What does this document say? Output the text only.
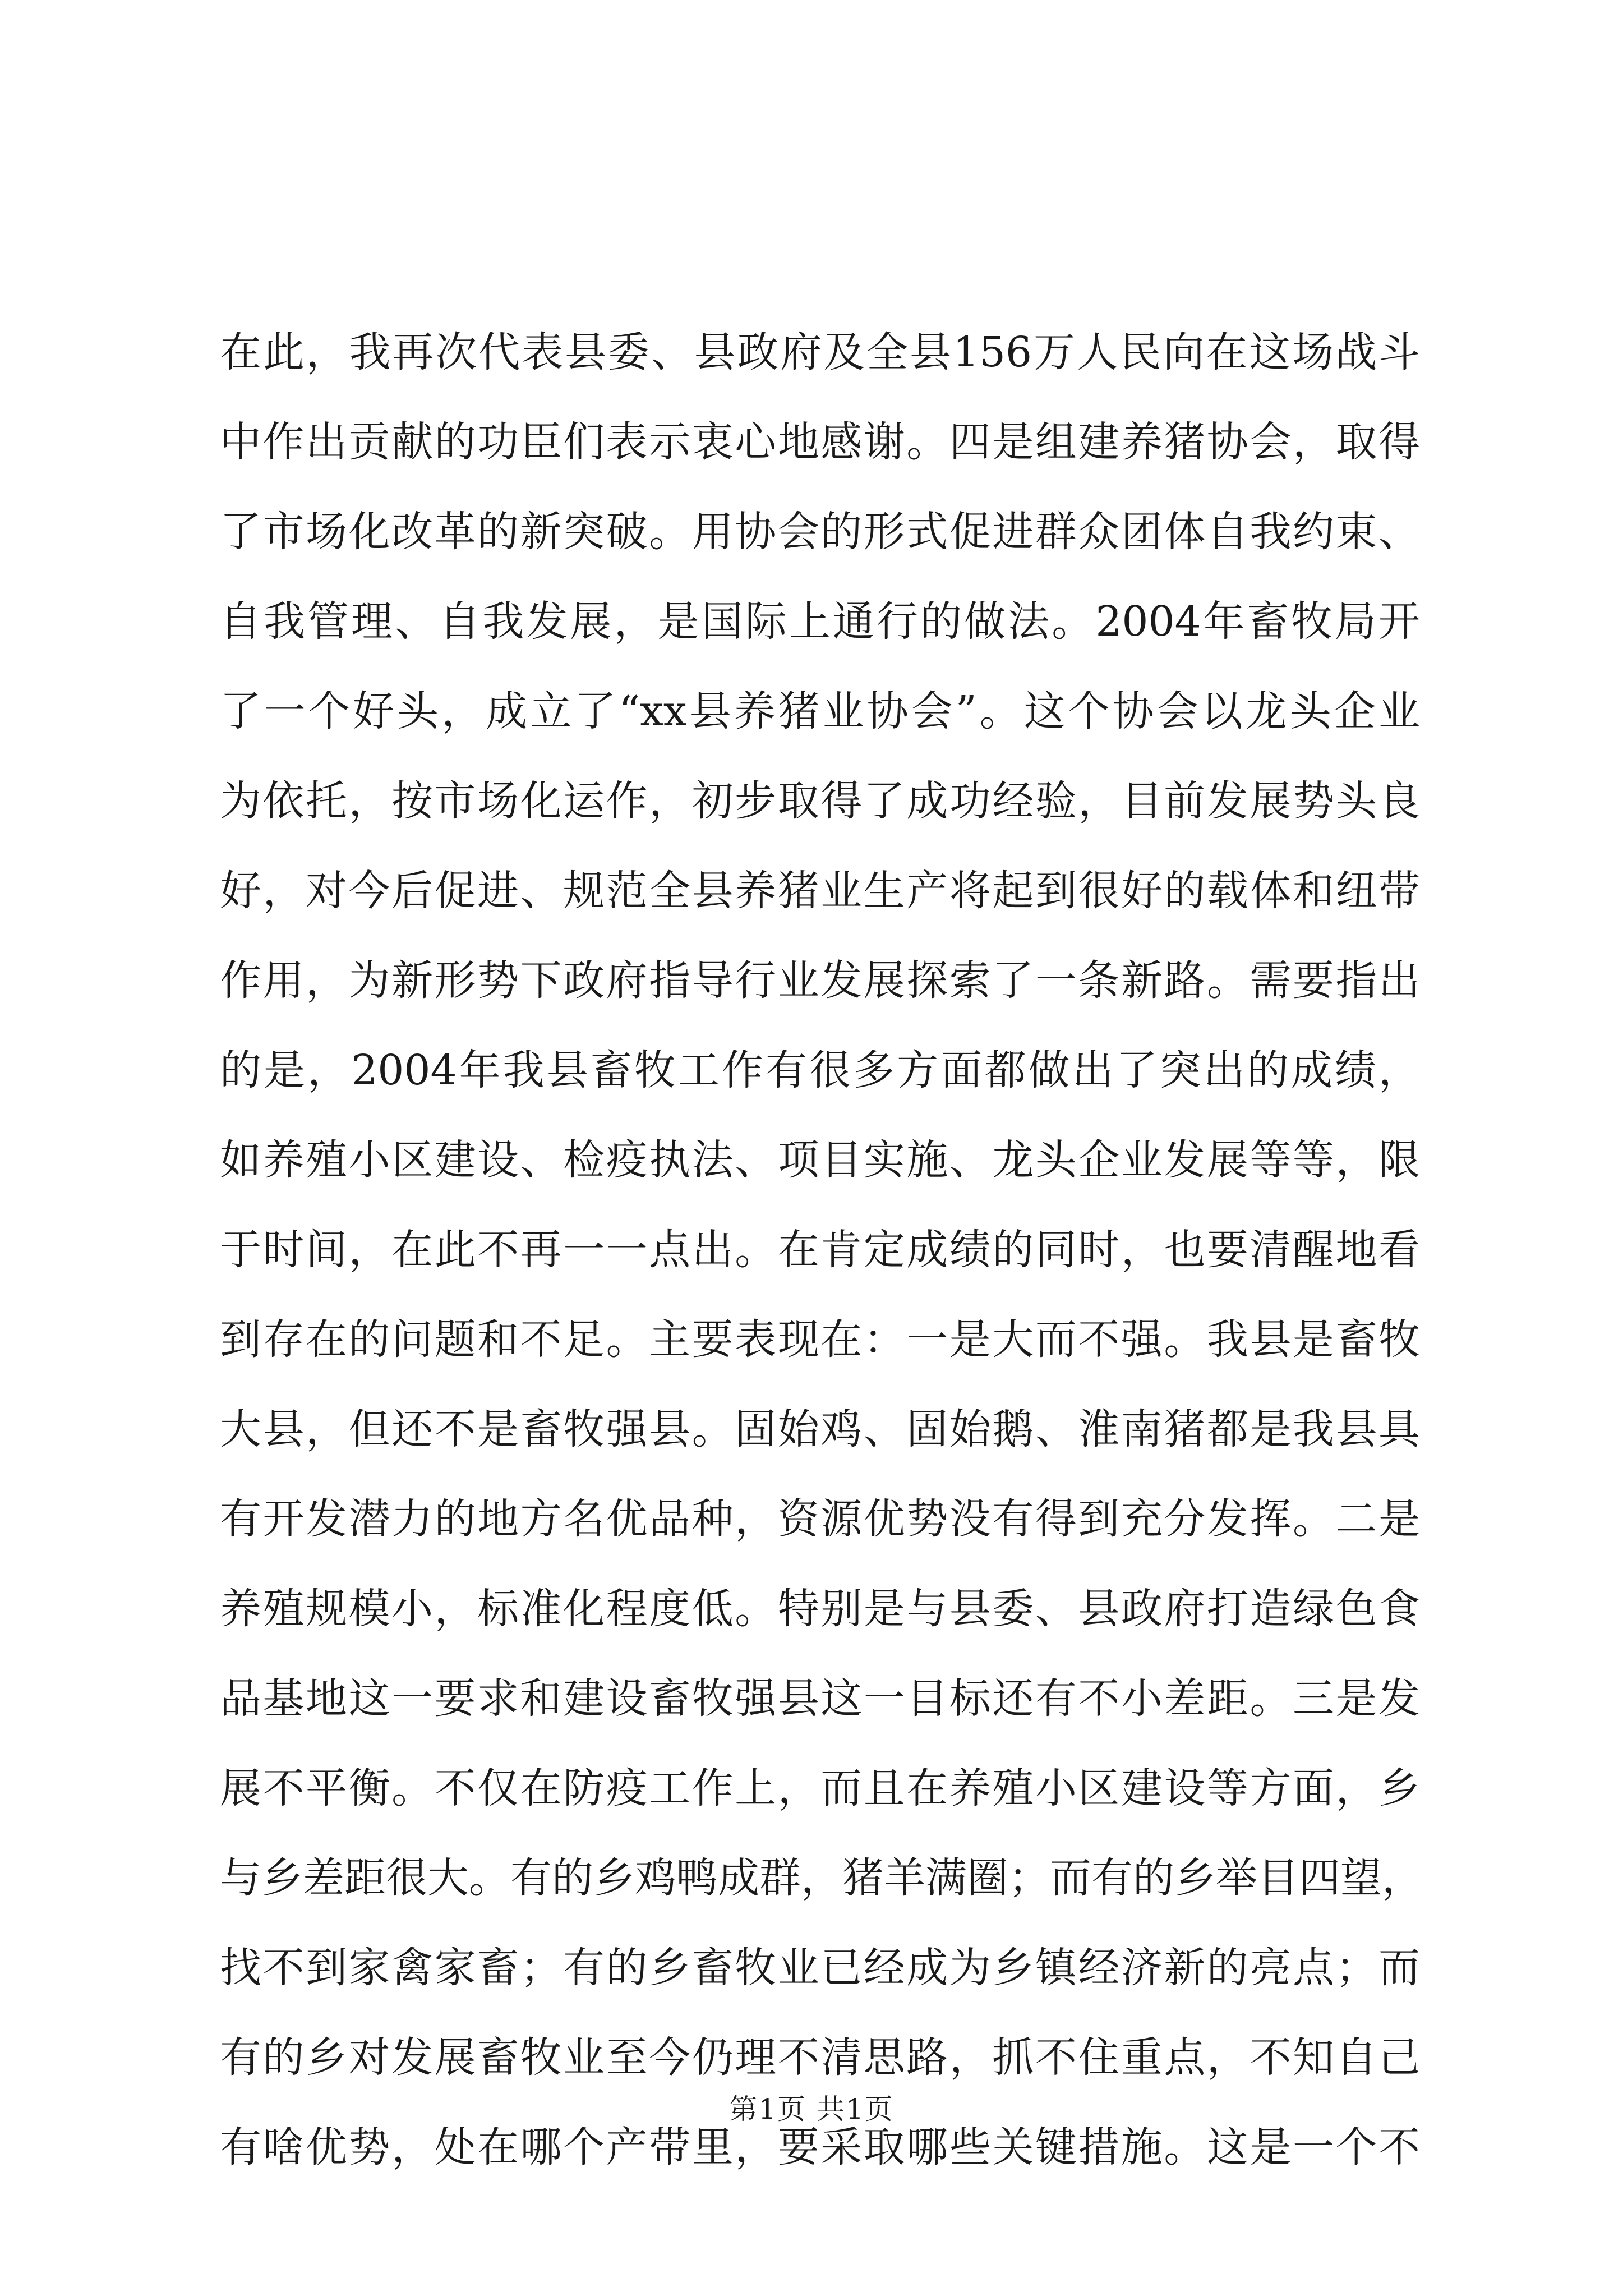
在此，我再次代表县委、县政府及全县156万人民向在这场战斗
中作出贡献的功臣们表示衷心地感谢。四是组建养猪协会，取得
了市场化改革的新突破。用协会的形式促进群众团体自我约束、
自我管理、自我发展，是国际上通行的做法。2004年畜牧局开
了一个好头，成立了“xx县养猪业协会”。这个协会以龙头企业
为依托，按市场化运作，初步取得了成功经验，目前发展势头良
好，对今后促进、规范全县养猪业生产将起到很好的载体和纽带
作用，为新形势下政府指导行业发展探索了一条新路。需要指出
的是，2004年我县畜牧工作有很多方面都做出了突出的成绩，
如养殖小区建设、检疫执法、项目实施、龙头企业发展等等，限
于时间，在此不再一一点出。在肯定成绩的同时，也要清醒地看
到存在的问题和不足。主要表现在：一是大而不强。我县是畜牧
大县，但还不是畜牧强县。固始鸡、固始鹅、淮南猪都是我县具
有开发潜力的地方名优品种，资源优势没有得到充分发挥。二是
养殖规模小，标准化程度低。特别是与县委、县政府打造绿色食
品基地这一要求和建设畜牧强县这一目标还有不小差距。三是发
展不平衡。不仅在防疫工作上，而且在养殖小区建设等方面，乡
与乡差距很大。有的乡鸡鸭成群，猪羊满圈；而有的乡举目四望，
找不到家禽家畜；有的乡畜牧业已经成为乡镇经济新的亮点；而
有的乡对发展畜牧业至今仍理不清思路，抓不住重点，不知自己
有啥优势，处在哪个产带里，要采取哪些关键措施。这是一个不
第1页 共1页
